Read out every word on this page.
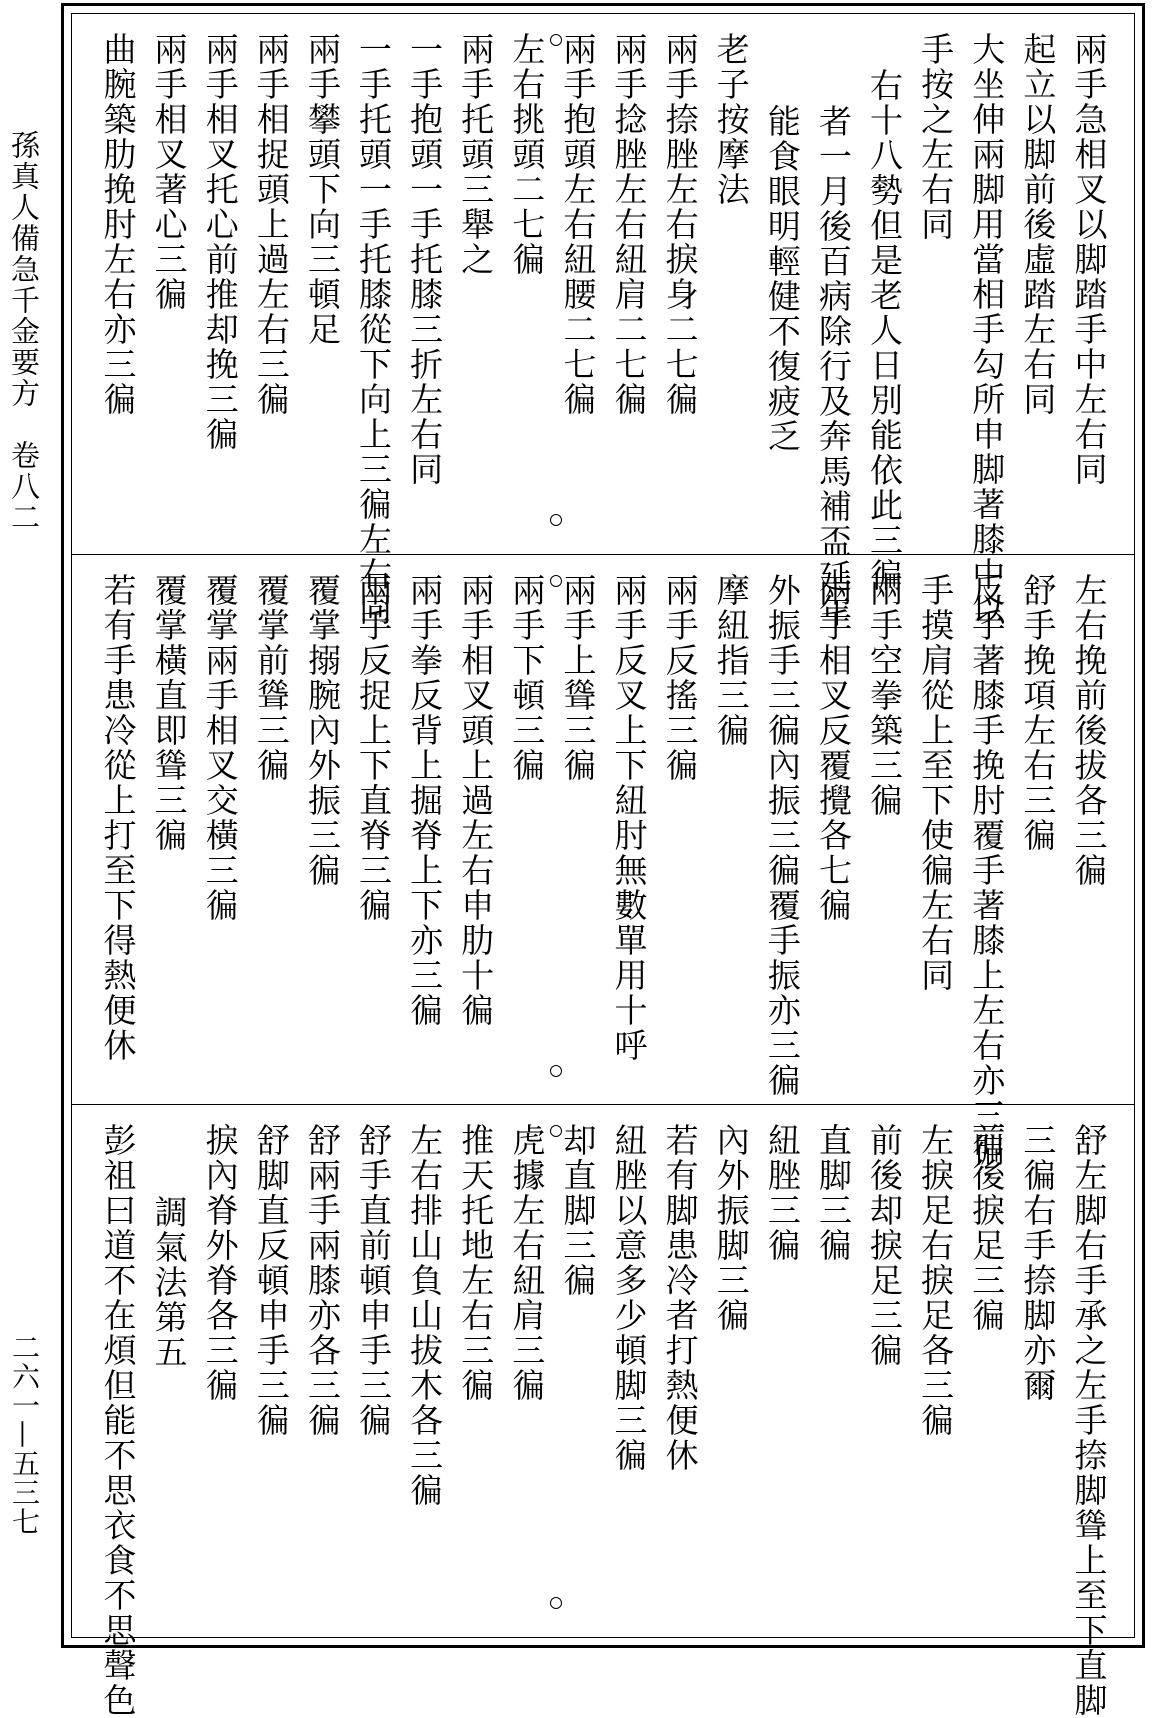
孫真人備急千金要方　卷八二
二六一—五三七
兩手急相叉以脚踏手中左右同
起立以脚前後虛踏左右同
大坐伸兩脚用當相手勾所申脚著膝中以
手按之左右同
右十八勢但是老人日別能依此三徧
者一月後百病除行及奔馬補盃延年
能食眼明輕健不復疲乏
老子按摩法
兩手捺脞左右捩身二七徧
兩手捻脞左右紐肩二七徧
兩手抱頭左右紐腰二七徧
左右挑頭二七徧
兩手托頭三舉之
一手抱頭一手托膝三折左右同
一手托頭一手托膝從下向上三徧左右同
兩手攀頭下向三頓足
兩手相捉頭上過左右三徧
兩手相叉托心前推却挽三徧
兩手相叉著心三徧
曲腕築肋挽肘左右亦三徧
左右挽前後拔各三徧
舒手挽項左右三徧
反手著膝手挽肘覆手著膝上左右亦三徧
手摸肩從上至下使徧左右同
兩手空拳築三徧
兩手相叉反覆攪各七徧
外振手三徧內振三徧覆手振亦三徧
摩紐指三徧
兩手反搖三徧
兩手反叉上下紐肘無數單用十呼
兩手上聳三徧
兩手下頓三徧
兩手相叉頭上過左右申肋十徧
兩手拳反背上掘脊上下亦三徧
兩手反捉上下直脊三徧
覆掌搦腕內外振三徧
覆掌前聳三徧
覆掌兩手相叉交橫三徧
覆掌橫直即聳三徧
若有手患冷從上打至下得熱便休
舒左脚右手承之左手捺脚聳上至下直脚
三徧右手捺脚亦爾
前後捩足三徧
左捩足右捩足各三徧
前後却捩足三徧
直脚三徧
紐脞三徧
內外振脚三徧
若有脚患冷者打熱便休
紐脞以意多少頓脚三徧
却直脚三徧
虎據左右紐肩三徧
推天托地左右三徧
左右排山負山拔木各三徧
舒手直前頓申手三徧
舒兩手兩膝亦各三徧
舒脚直反頓申手三徧
捩內脊外脊各三徧
調氣法第五
彭祖曰道不在煩但能不思衣食不思聲色
